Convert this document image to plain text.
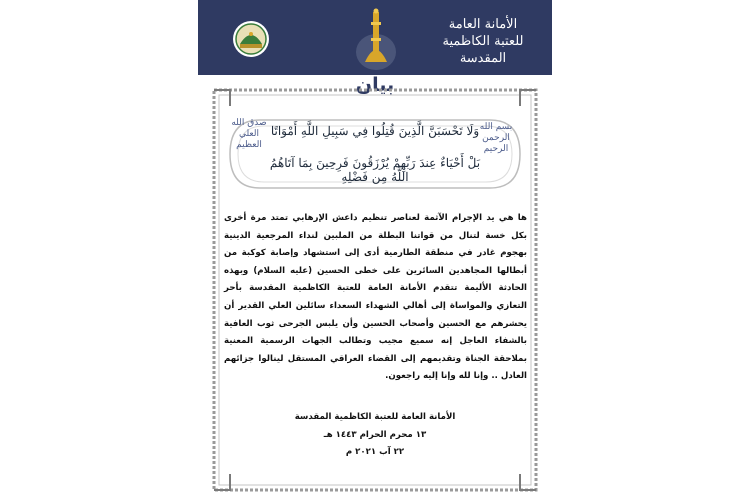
الأمانة العامة
للعتبة الكاظمية المقدسة
بيان
صدق الله العلي العظيم
بسم الله الرحمن الرحيم
وَلَا تَحْسَبَنَّ الَّذِينَ قُتِلُوا فِي سَبِيلِ اللَّهِ أَمْوَاتًا
بَلْ أَحْيَاءٌ عِندَ رَبِّهِمْ يُرْزَقُونَ فَرِحِينَ بِمَا آتَاهُمُ اللَّهُ مِن فَضْلِهِ
ها هي يد الإجرام الآثمة لعناصر تنظيم داعش الإرهابي تمتد مرة أخرى بكل خسة لتنال من قواتنا البطلة من الملبين لنداء المرجعية الدينية بهجوم غادر في منطقة الطارمية أدى إلى استشهاد وإصابة كوكبة من أبطالها المجاهدين السائرين على خطى الحسين (عليه السلام) وبهذه الحادثة الأليمة تتقدم الأمانة العامة للعتبة الكاظمية المقدسة بأحر التعازي والمواساة إلى أهالي الشهداء السعداء سائلين العلي القدير أن يحشرهم مع الحسين وأصحاب الحسين وأن يلبس الجرحى ثوب العافية بالشفاء العاجل إنه سميع مجيب وتطالب الجهات الرسمية المعنية بملاحقة الجناة وتقديمهم إلى القضاء العراقي المستقل لينالوا جزائهم العادل .. وإنا لله وإنا إليه راجعون.
الأمانة العامة للعتبة الكاظمية المقدسة
١٣ محرم الحرام ١٤٤٣ هـ
٢٢ آب ٢٠٢١ م
